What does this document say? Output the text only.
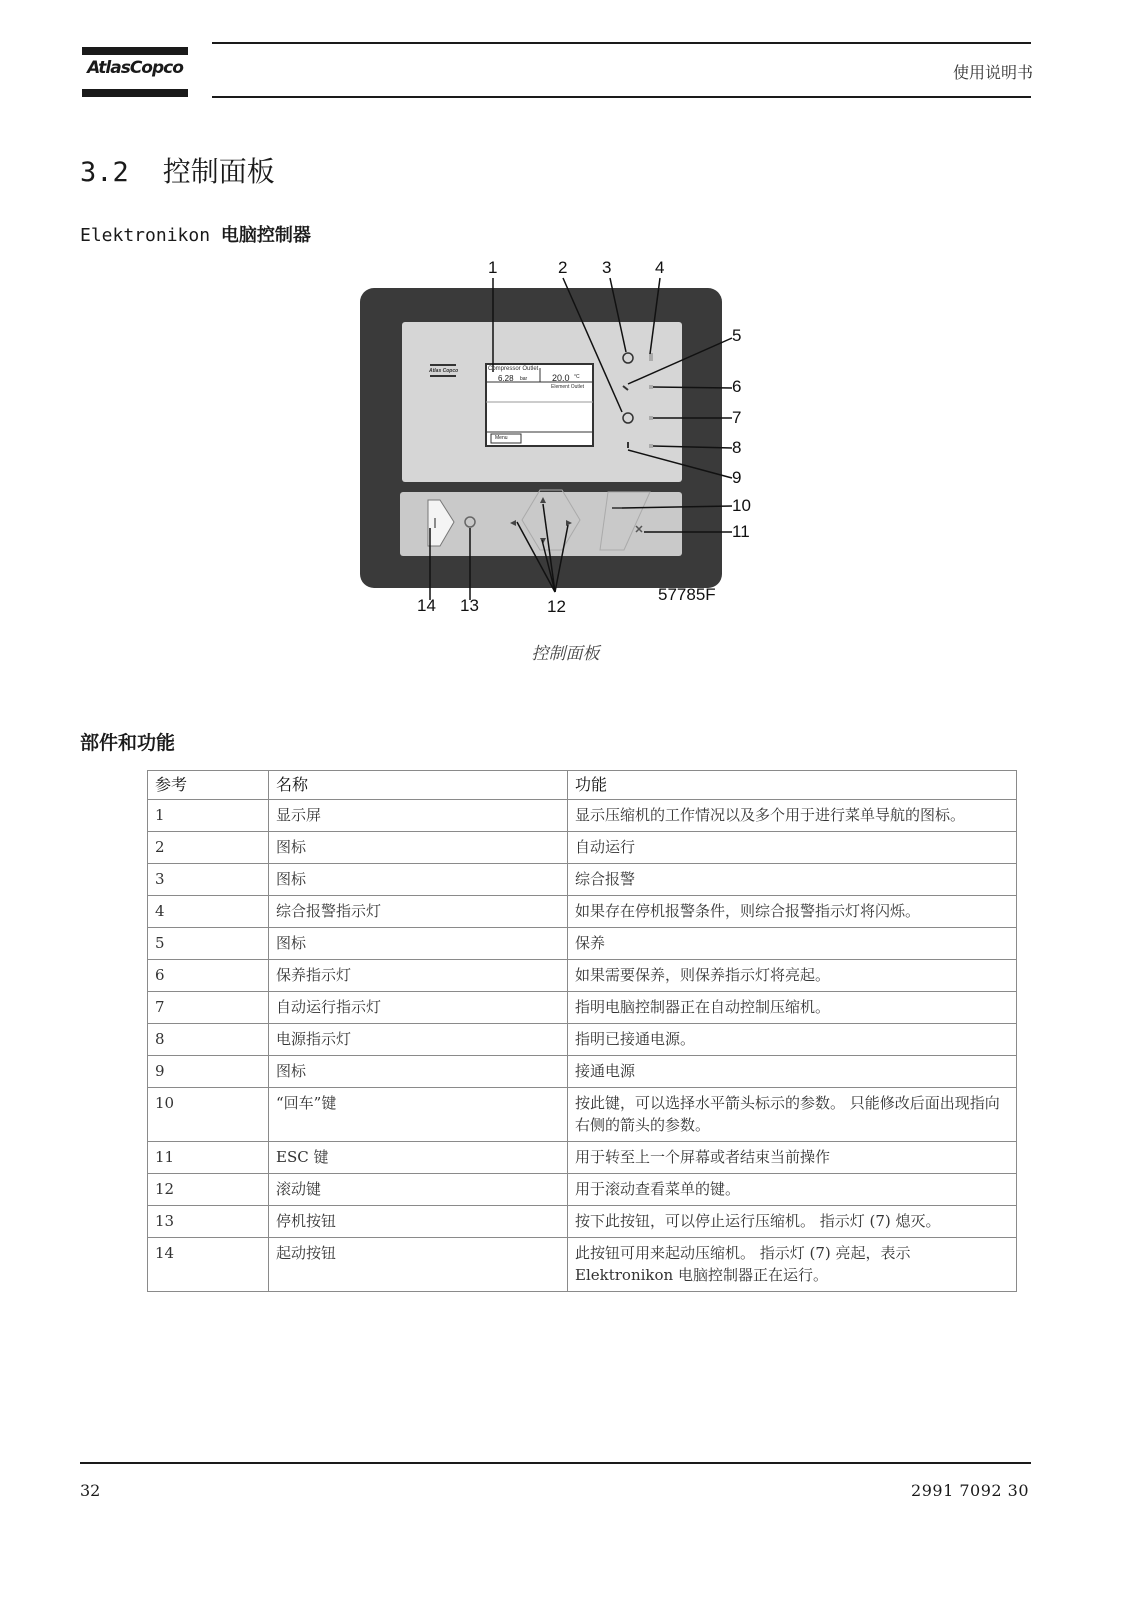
AtlasCopco	使用说明书
3.2 控制面板
Elektronikon 电脑控制器
Compressor Outlet
6.28 bar	20.0 °C
Element Outlet
Menu
Atlas Copco
1	2 3	4
5
6
7
8
9
10
11
12
13
14
57785F
控制面板
部件和功能
参考	名称	功能
1	显示屏	显示压缩机的工作情况以及多个用于进行菜单导航的图标。
2	图标	自动运行
3	图标	综合报警
4	综合报警指示灯	如果存在停机报警条件，则综合报警指示灯将闪烁。
5	图标	保养
6	保养指示灯	如果需要保养，则保养指示灯将亮起。
7	自动运行指示灯	指明电脑控制器正在自动控制压缩机。
8	电源指示灯	指明已接通电源。
9	图标	接通电源
10	“回车”键	按此键，可以选择水平箭头标示的参数。 只能修改后面出现指向右侧的箭头的参数。
11	ESC 键	用于转至上一个屏幕或者结束当前操作
12	滚动键	用于滚动查看菜单的键。
13	停机按钮	按下此按钮，可以停止运行压缩机。 指示灯 (7) 熄灭。
14	起动按钮	此按钮可用来起动压缩机。 指示灯 (7) 亮起，表示 Elektronikon 电脑控制器正在运行。
32	2991 7092 30
